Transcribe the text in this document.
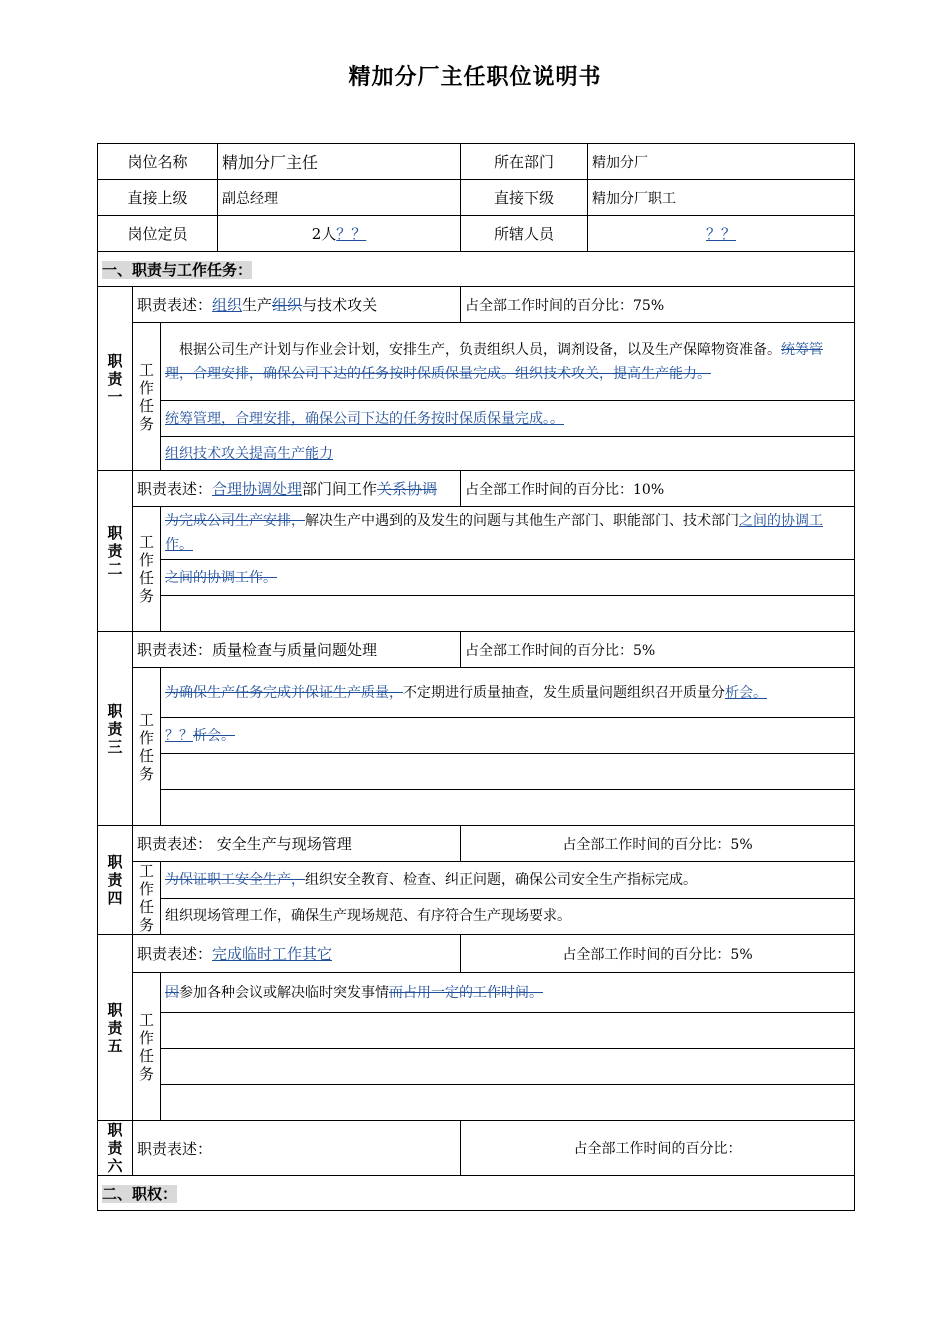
精加分厂主任职位说明书
岗位名称			精加分厂主任	所在部门	精加分厂
直接上级			副总经理	直接下级	精加分厂职工
岗位定员			2人？？	所辖人员	？？
一、职责与工作任务：					
职
责
一	职责表述：组织生产组织与技术攻关			占全部工作时间的百分比：75%	
	工
作
任
务	根据公司生产计划与作业会计划，安排生产，负责组织人员，调剂设备，以及生产保障物资准备。统筹管理，合理安排，确保公司下达的任务按时保质保量完成。组织技术攻关，提高生产能力。			
		统筹管理，合理安排，确保公司下达的任务按时保质保量完成。。			
		组织技术攻关提高生产能力			
职
责
二	职责表述：合理协调处理部门间工作关系协调			占全部工作时间的百分比：10%	
	工
作
任
务	为完成公司生产安排，解决生产中遇到的及发生的问题与其他生产部门、职能部门、技术部门之间的协调工作。			
		之间的协调工作。			

职
责
三	职责表述：质量检查与质量问题处理			占全部工作时间的百分比：5%	
	工
作
任
务	为确保生产任务完成并保证生产质量，不定期进行质量抽查，发生质量问题组织召开质量分析会。			
		？？析会。			

职
责
四	职责表述： 安全生产与现场管理			占全部工作时间的百分比：5%	
	工
作
任
务	为保证职工安全生产，组织安全教育、检查、纠正问题，确保公司安全生产指标完成。			
		组织现场管理工作，确保生产现场规范、有序符合生产现场要求。			
职
责
五	职责表述：完成临时工作其它			占全部工作时间的百分比：5%	
	工
作
任
务	因参加各种会议或解决临时突发事情而占用一定的工作时间。			

职
责
六	职责表述：			占全部工作时间的百分比：	
二、职权：					
